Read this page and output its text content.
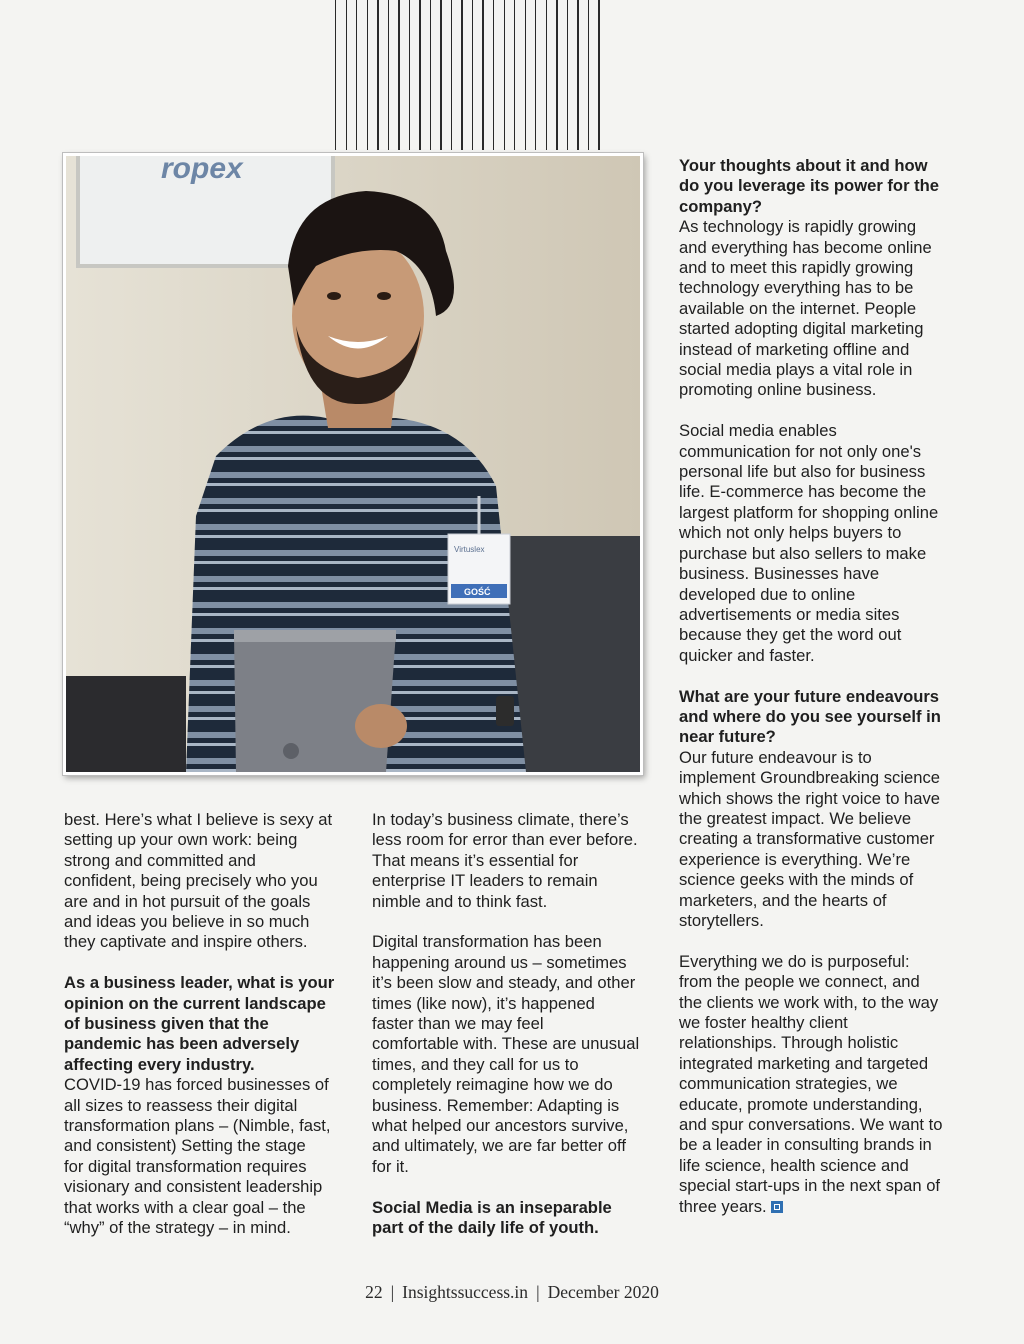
ropex
Virtuslex
GOŚĆ

best. Here’s what I believe is sexy at
setting up your own work: being
strong and committed and
confident, being precisely who you
are and in hot pursuit of the goals
and ideas you believe in so much
they captivate and inspire others.

As a business leader, what is your
opinion on the current landscape
of business given that the
pandemic has been adversely
affecting every industry.

COVID-19 has forced businesses of
all sizes to reassess their digital
transformation plans – (Nimble, fast,
and consistent) Setting the stage
for digital transformation requires
visionary and consistent leadership
that works with a clear goal – the
“why” of the strategy – in mind.

In today’s business climate, there’s
less room for error than ever before.
That means it’s essential for
enterprise IT leaders to remain
nimble and to think fast.

Digital transformation has been
happening around us – sometimes
it’s been slow and steady, and other
times (like now), it’s happened
faster than we may feel
comfortable with. These are unusual
times, and they call for us to
completely reimagine how we do
business. Remember: Adapting is
what helped our ancestors survive,
and ultimately, we are far better off
for it.

Social Media is an inseparable
part of the daily life of youth.

Your thoughts about it and how
do you leverage its power for the
company?

As technology is rapidly growing
and everything has become online
and to meet this rapidly growing
technology everything has to be
available on the internet. People
started adopting digital marketing
instead of marketing offline and
social media plays a vital role in
promoting online business.

Social media enables
communication for not only one's
personal life but also for business
life. E-commerce has become the
largest platform for shopping online
which not only helps buyers to
purchase but also sellers to make
business. Businesses have
developed due to online
advertisements or media sites
because they get the word out
quicker and faster.

What are your future endeavours
and where do you see yourself in
near future?

Our future endeavour is to
implement Groundbreaking science
which shows the right voice to have
the greatest impact. We believe
creating a transformative customer
experience is everything. We’re
science geeks with the minds of
marketers, and the hearts of
storytellers.

Everything we do is purposeful:
from the people we connect, and
the clients we work with, to the way
we foster healthy client
relationships. Through holistic
integrated marketing and targeted
communication strategies, we
educate, promote understanding,
and spur conversations. We want to
be a leader in consulting brands in
life science, health science and
special start-ups in the next span of
three years.

22 | Insightssuccess.in | December 2020
